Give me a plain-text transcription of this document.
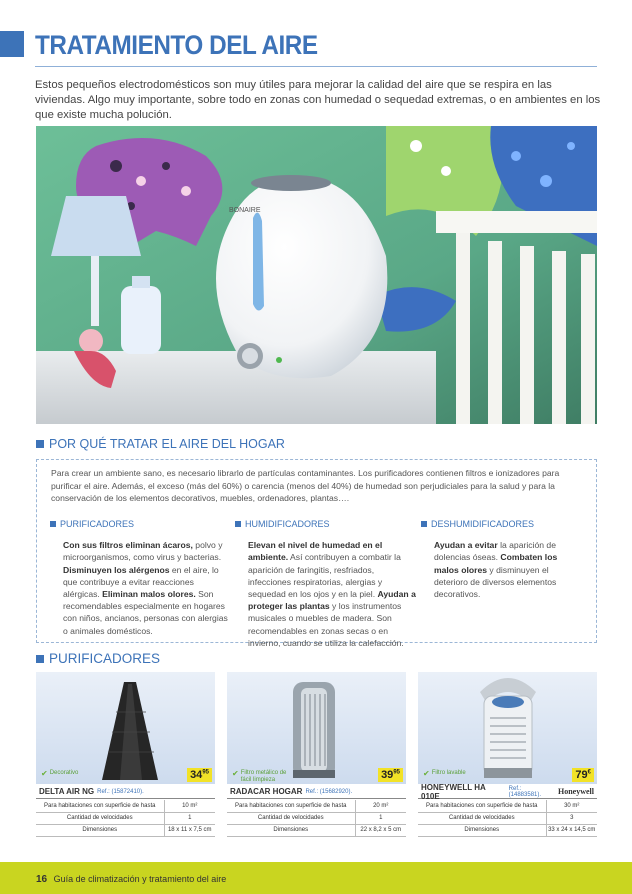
TRATAMIENTO DEL AIRE

Estos pequeños electrodomésticos son muy útiles para mejorar la calidad del aire que se respira en las viviendas. Algo muy importante, sobre todo en zonas con humedad o sequedad extremas, o en ambientes en los que existe mucha polución.

BONAIRE
POR QUÉ TRATAR EL AIRE DEL HOGAR

Para crear un ambiente sano, es necesario librarlo de partículas contaminantes. Los purificadores contienen filtros e ionizadores para purificar el aire. Además, el exceso (más del 60%) o carencia (menos del 40%) de humedad son perjudiciales para la salud y para la conservación de los elementos decorativos, muebles, ordenadores, plantas….

PURIFICADORES

Con sus filtros eliminan ácaros, polvo y microorganismos, como virus y bacterias. Disminuyen los alérgenos en el aire, lo que contribuye a evitar reacciones alérgicas. Eliminan malos olores. Son recomendables especialmente en hogares con niños, ancianos, personas con alergias o animales domésticos.

HUMIDIFICADORES

Elevan el nivel de humedad en el ambiente. Así contribuyen a combatir la aparición de faringitis, resfriados, infecciones respiratorias, alergias y sequedad en los ojos y en la piel. Ayudan a proteger las plantas y los instrumentos musicales o muebles de madera. Son recomendables en zonas secas o en invierno, cuando se utiliza la calefacción.

DESHUMIDIFICADORES

Ayudan a evitar la aparición de dolencias óseas. Combaten los malos olores y disminuyen el deterioro de diversos elementos decorativos.

PURIFICADORES
✔ Decorativo	$34^{95}$
DELTA AIR NG Ref.: (15872410).
Para habitaciones con superficie de hasta	10 m²
Cantidad de velocidades	1
Dimensiones	18 x 11 x 7,5 cm
✔ Filtro metálico de fácil limpieza	$39^{95}$
RADACAR HOGAR Ref.: (15682920).
Para habitaciones con superficie de hasta	20 m²
Cantidad de velocidades	1
Dimensiones	22 x 8,2 x 5 cm
✔ Filtro lavable	79€
HONEYWELL HA 010E
Ref.: (14883581).	Honeywell
Para habitaciones con superficie de hasta	30 m²
Cantidad de velocidades	3
Dimensiones	33 x 24 x 14,5 cm
16 Guía de climatización y tratamiento del aire
